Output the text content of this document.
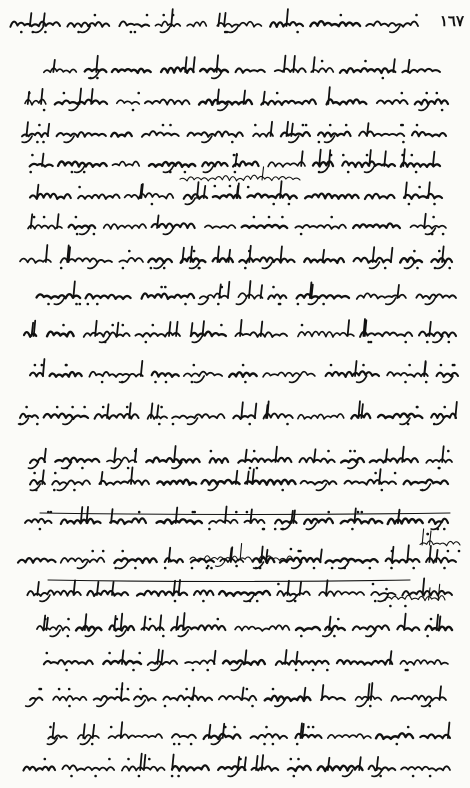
١٦٧
